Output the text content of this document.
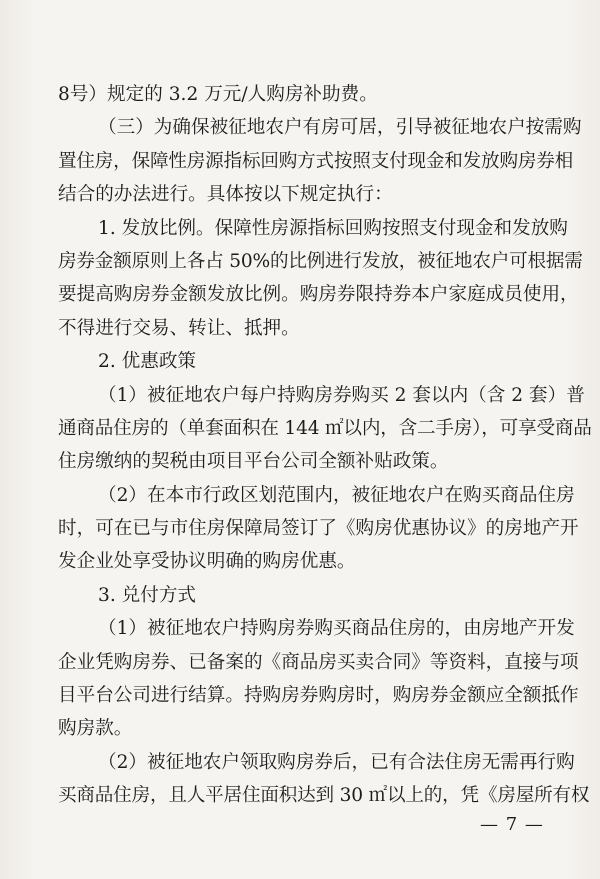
8号）规定的 3.2 万元/人购房补助费。
（三）为确保被征地农户有房可居，引导被征地农户按需购
置住房，保障性房源指标回购方式按照支付现金和发放购房券相
结合的办法进行。具体按以下规定执行：
1. 发放比例。保障性房源指标回购按照支付现金和发放购
房券金额原则上各占 50%的比例进行发放，被征地农户可根据需
要提高购房券金额发放比例。购房券限持券本户家庭成员使用，
不得进行交易、转让、抵押。
2. 优惠政策
（1）被征地农户每户持购房券购买 2 套以内（含 2 套）普
通商品住房的（单套面积在 144 ㎡以内，含二手房），可享受商品
住房缴纳的契税由项目平台公司全额补贴政策。
（2）在本市行政区划范围内，被征地农户在购买商品住房
时，可在已与市住房保障局签订了《购房优惠协议》的房地产开
发企业处享受协议明确的购房优惠。
3. 兑付方式
（1）被征地农户持购房券购买商品住房的，由房地产开发
企业凭购房券、已备案的《商品房买卖合同》等资料，直接与项
目平台公司进行结算。持购房券购房时，购房券金额应全额抵作
购房款。
（2）被征地农户领取购房券后，已有合法住房无需再行购
买商品住房，且人平居住面积达到 30 ㎡以上的，凭《房屋所有权
— 7 —
